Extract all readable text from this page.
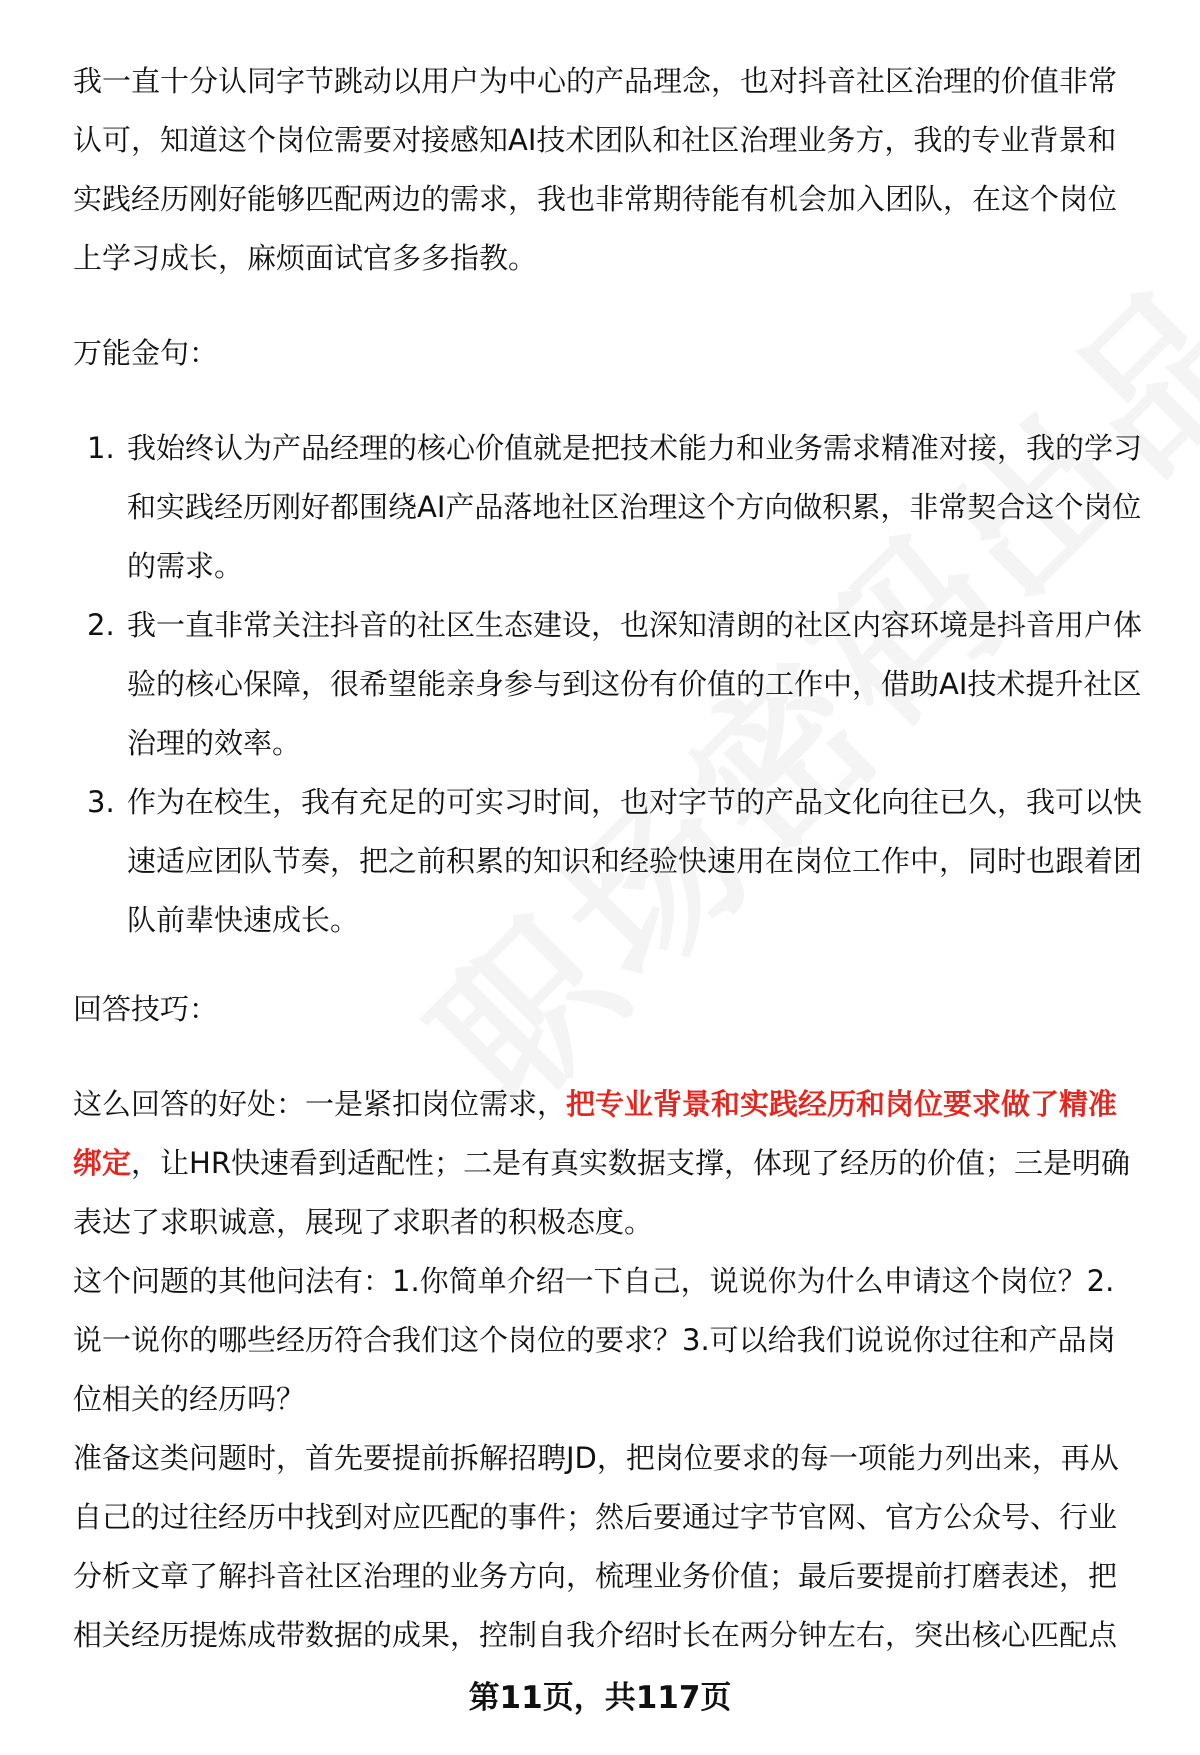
我一直十分认同字节跳动以用户为中心的产品理念，也对抖音社区治理的价值非常认可，知道这个岗位需要对接感知AI技术团队和社区治理业务方，我的专业背景和实践经历刚好能够匹配两边的需求，我也非常期待能有机会加入团队，在这个岗位上学习成长，麻烦面试官多多指教。

万能金句：

1. 我始终认为产品经理的核心价值就是把技术能力和业务需求精准对接，我的学习和实践经历刚好都围绕AI产品落地社区治理这个方向做积累，非常契合这个岗位的需求。
2. 我一直非常关注抖音的社区生态建设，也深知清朗的社区内容环境是抖音用户体验的核心保障，很希望能亲身参与到这份有价值的工作中，借助AI技术提升社区治理的效率。
3. 作为在校生，我有充足的可实习时间，也对字节的产品文化向往已久，我可以快速适应团队节奏，把之前积累的知识和经验快速用在岗位工作中，同时也跟着团队前辈快速成长。

回答技巧：

这么回答的好处：一是紧扣岗位需求，把专业背景和实践经历和岗位要求做了精准绑定，让HR快速看到适配性；二是有真实数据支撑，体现了经历的价值；三是明确表达了求职诚意，展现了求职者的积极态度。

这个问题的其他问法有：1.你简单介绍一下自己，说说你为什么申请这个岗位？2.说一说你的哪些经历符合我们这个岗位的要求？3.可以给我们说说你过往和产品岗位相关的经历吗？

准备这类问题时，首先要提前拆解招聘JD，把岗位要求的每一项能力列出来，再从自己的过往经历中找到对应匹配的事件；然后要通过字节官网、官方公众号、行业分析文章了解抖音社区治理的业务方向，梳理业务价值；最后要提前打磨表述，把相关经历提炼成带数据的成果，控制自我介绍时长在两分钟左右，突出核心匹配点

第11页，共117页
